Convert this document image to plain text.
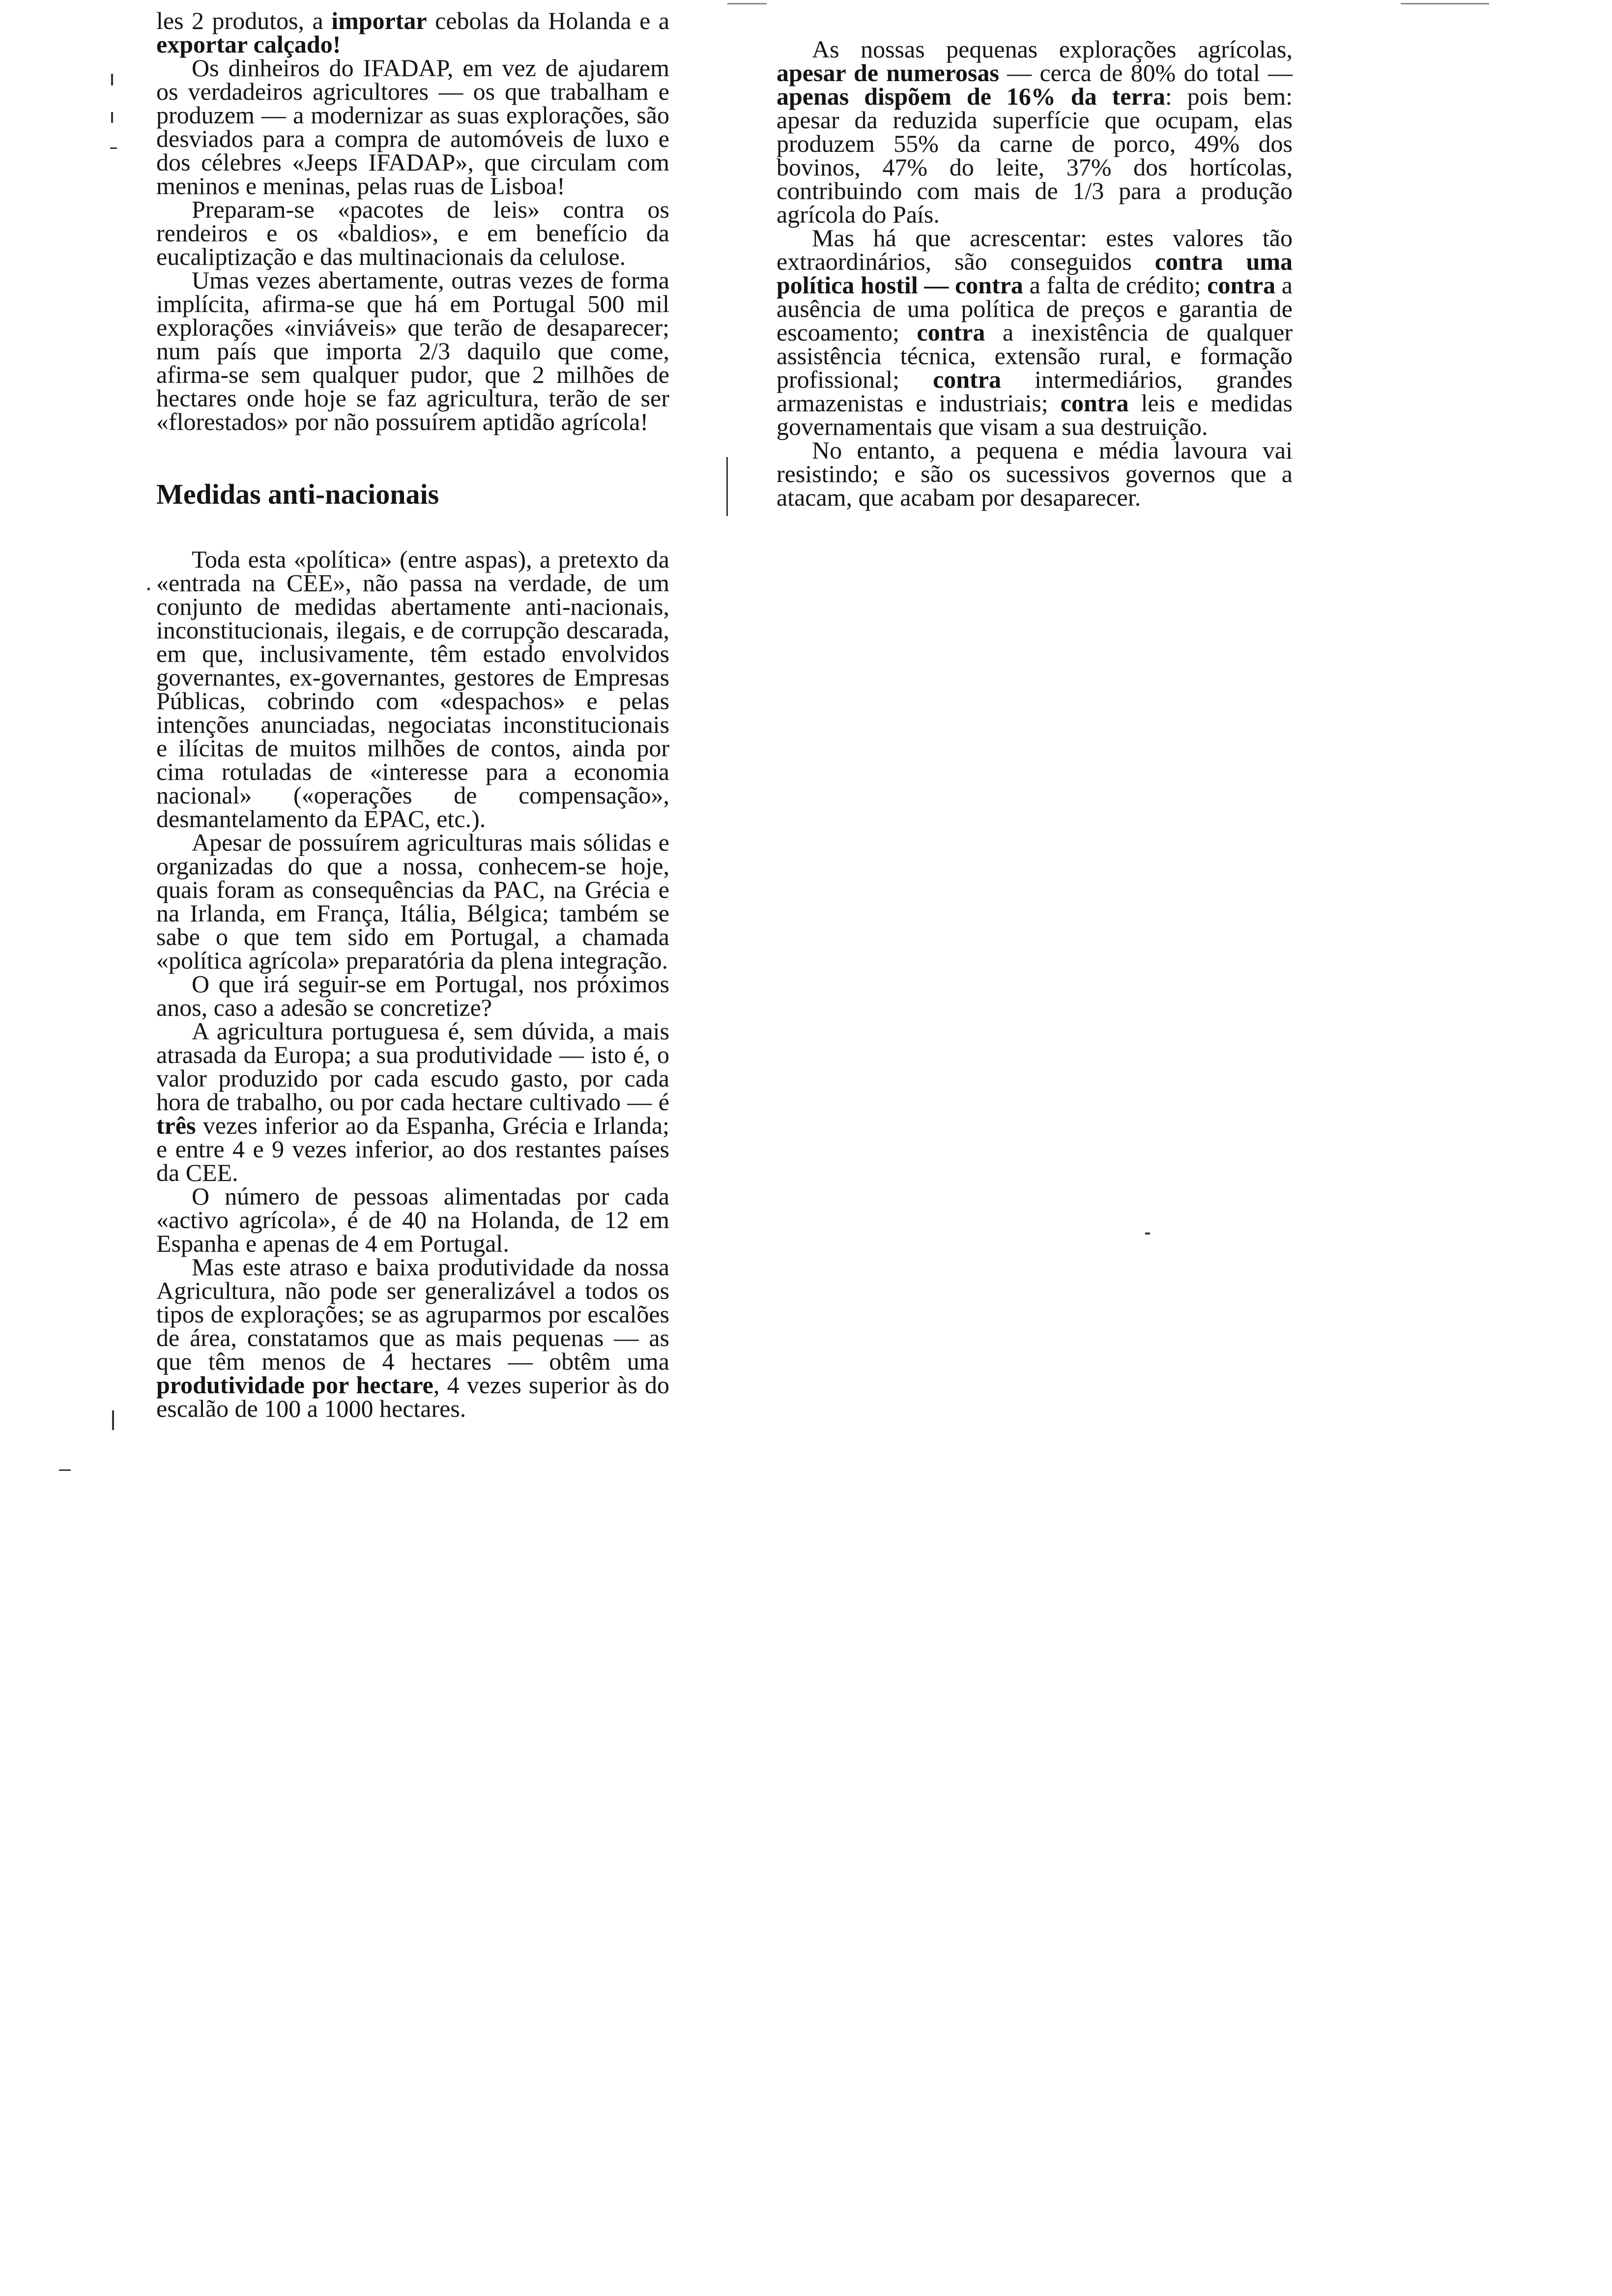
les 2 produtos, a importar cebolas da Holanda e a exportar calçado!

Os dinheiros do IFADAP, em vez de ajudarem os verdadeiros agricultores — os que trabalham e produzem — a modernizar as suas explorações, são desviados para a compra de automóveis de luxo e dos célebres «Jeeps IFADAP», que circulam com meninos e meninas, pelas ruas de Lisboa!

Preparam-se «pacotes de leis» contra os rendeiros e os «baldios», e em benefício da eucaliptização e das multinacionais da celulose.

Umas vezes abertamente, outras vezes de forma implícita, afirma-se que há em Portugal 500 mil explorações «inviáveis» que terão de desaparecer; num país que importa 2/3 daquilo que come, afirma-se sem qualquer pudor, que 2 milhões de hectares onde hoje se faz agricultura, terão de ser «florestados» por não possuírem aptidão agrícola!

Medidas anti-nacionais

Toda esta «política» (entre aspas), a pretexto da «entrada na CEE», não passa na verdade, de um conjunto de medidas abertamente anti-nacionais, inconstitucionais, ilegais, e de corrupção descarada, em que, inclusivamente, têm estado envolvidos governantes, ex-governantes, gestores de Empresas Públicas, cobrindo com «despachos» e pelas intenções anunciadas, negociatas inconstitucionais e ilícitas de muitos milhões de contos, ainda por cima rotuladas de «interesse para a economia nacional» («operações de compensação», desmantelamento da EPAC, etc.).

Apesar de possuírem agriculturas mais sólidas e organizadas do que a nossa, conhecem-se hoje, quais foram as consequências da PAC, na Grécia e na Irlanda, em França, Itália, Bélgica; também se sabe o que tem sido em Portugal, a chamada «política agrícola» preparatória da plena integração.

O que irá seguir-se em Portugal, nos próximos anos, caso a adesão se concretize?

A agricultura portuguesa é, sem dúvida, a mais atrasada da Europa; a sua produtividade — isto é, o valor produzido por cada escudo gasto, por cada hora de trabalho, ou por cada hectare cultivado — é três vezes inferior ao da Espanha, Grécia e Irlanda; e entre 4 e 9 vezes inferior, ao dos restantes países da CEE.

O número de pessoas alimentadas por cada «activo agrícola», é de 40 na Holanda, de 12 em Espanha e apenas de 4 em Portugal.

Mas este atraso e baixa produtividade da nossa Agricultura, não pode ser generalizável a todos os tipos de explorações; se as agruparmos por escalões de área, constatamos que as mais pequenas — as que têm menos de 4 hectares — obtêm uma produtividade por hectare, 4 vezes superior às do escalão de 100 a 1000 hectares.

As nossas pequenas explorações agrícolas, apesar de numerosas — cerca de 80% do total — apenas dispõem de 16% da terra: pois bem: apesar da reduzida superfície que ocupam, elas produzem 55% da carne de porco, 49% dos bovinos, 47% do leite, 37% dos hortícolas, contribuindo com mais de 1/3 para a produção agrícola do País.

Mas há que acrescentar: estes valores tão extraordinários, são conseguidos contra uma política hostil — contra a falta de crédito; contra a ausência de uma política de preços e garantia de escoamento; contra a inexistência de qualquer assistência técnica, extensão rural, e formação profissional; contra intermediários, grandes armazenistas e industriais; contra leis e medidas governamentais que visam a sua destruição.

No entanto, a pequena e média lavoura vai resistindo; e são os sucessivos governos que a atacam, que acabam por desaparecer.
